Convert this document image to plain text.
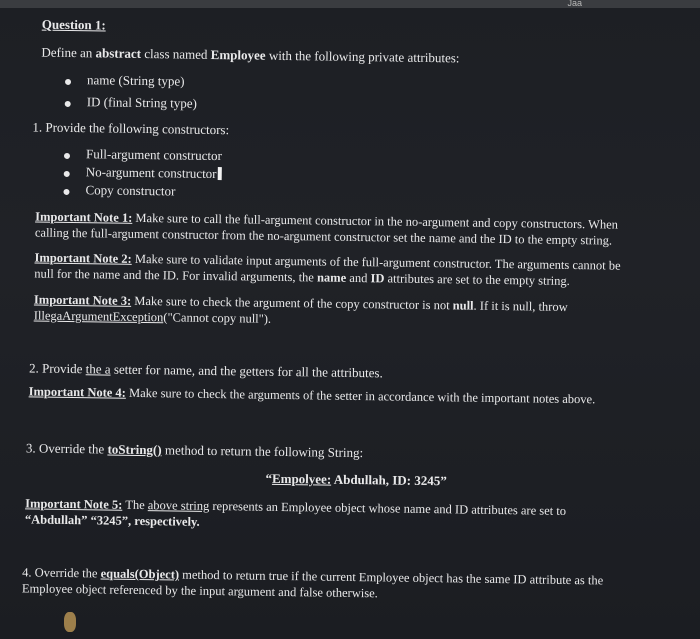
Jaa
Question 1:
Define an abstract class named Employee with the following private attributes:
name (String type)
ID (final String type)
1. Provide the following constructors:
Full-argument constructor
No-argument constructor
Copy constructor
Important Note 1: Make sure to call the full-argument constructor in the no-argument and copy constructors. When
calling the full-argument constructor from the no-argument constructor set the name and the ID to the empty string.
Important Note 2: Make sure to validate input arguments of the full-argument constructor. The arguments cannot be
null for the name and the ID. For invalid arguments, the name and ID attributes are set to the empty string.
Important Note 3: Make sure to check the argument of the copy constructor is not null. If it is null, throw
IllegaArgumentException("Cannot copy null").
2. Provide the a setter for name, and the getters for all the attributes.
Important Note 4: Make sure to check the arguments of the setter in accordance with the important notes above.
3. Override the toString() method to return the following String:
“Empolyee: Abdullah, ID: 3245”
Important Note 5: The above string represents an Employee object whose name and ID attributes are set to
“Abdullah” “3245”, respectively.
4. Override the equals(Object) method to return true if the current Employee object has the same ID attribute as the
Employee object referenced by the input argument and false otherwise.
